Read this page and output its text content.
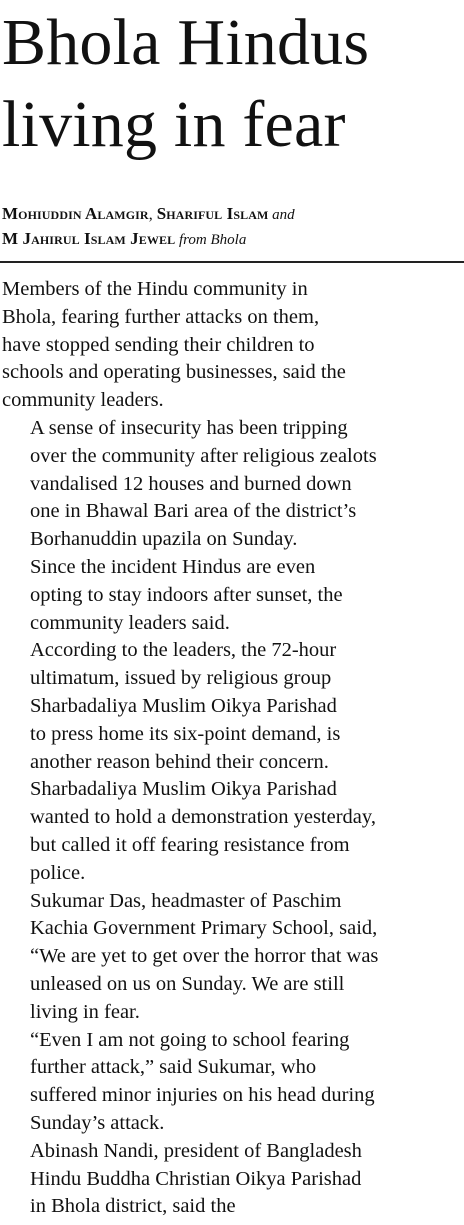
Bhola Hindus
living in fear
Mohiuddin Alamgir, Shariful Islam and
M Jahirul Islam Jewel from Bhola

Members of the Hindu community in
Bhola, fearing further attacks on them,
have stopped sending their children to
schools and operating businesses, said the
community leaders.

A sense of insecurity has been tripping
over the community after religious zealots
vandalised 12 houses and burned down
one in Bhawal Bari area of the district’s
Borhanuddin upazila on Sunday.

Since the incident Hindus are even
opting to stay indoors after sunset, the
community leaders said.

According to the leaders, the 72-hour
ultimatum, issued by religious group
Sharbadaliya Muslim Oikya Parishad
to press home its six-point demand, is
another reason behind their concern.

Sharbadaliya Muslim Oikya Parishad
wanted to hold a demonstration yesterday,
but called it off fearing resistance from
police.

Sukumar Das, headmaster of Paschim
Kachia Government Primary School, said,
“We are yet to get over the horror that was
unleased on us on Sunday. We are still
living in fear.

“Even I am not going to school fearing
further attack,” said Sukumar, who
suffered minor injuries on his head during
Sunday’s attack.

Abinash Nandi, president of Bangladesh
Hindu Buddha Christian Oikya Parishad
in Bhola district, said the
